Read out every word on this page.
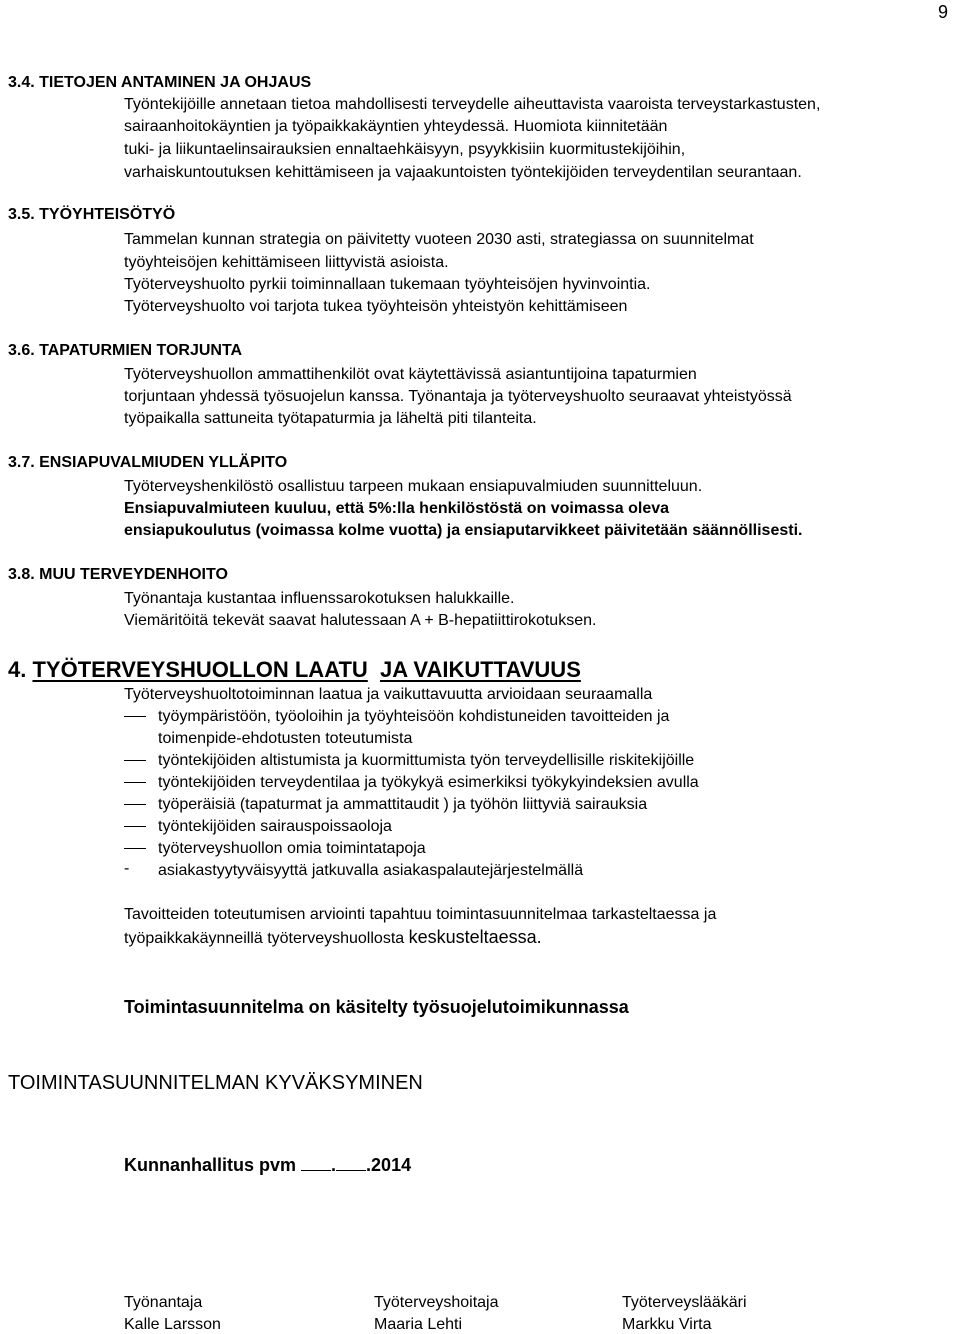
9
3.4. TIETOJEN ANTAMINEN JA OHJAUS
Työntekijöille annetaan tietoa mahdollisesti terveydelle aiheuttavista vaaroista terveystarkastusten,
sairaanhoitokäyntien ja työpaikkakäyntien yhteydessä. Huomiota kiinnitetään
tuki- ja liikuntaelinsairauksien ennaltaehkäisyyn, psyykkisiin kuormitustekijöihin,
varhaiskuntoutuksen kehittämiseen ja vajaakuntoisten työntekijöiden terveydentilan seurantaan.
3.5. TYÖYHTEISÖTYÖ
Tammelan kunnan strategia on päivitetty vuoteen 2030 asti, strategiassa on suunnitelmat
työyhteisöjen kehittämiseen liittyvistä asioista.
Työterveyshuolto pyrkii toiminnallaan tukemaan työyhteisöjen hyvinvointia.
Työterveyshuolto voi tarjota tukea työyhteisön yhteistyön kehittämiseen
3.6. TAPATURMIEN TORJUNTA
Työterveyshuollon ammattihenkilöt ovat käytettävissä asiantuntijoina tapaturmien
torjuntaan yhdessä työsuojelun kanssa. Työnantaja ja työterveyshuolto seuraavat yhteistyössä
työpaikalla sattuneita työtapaturmia ja läheltä piti tilanteita.
3.7. ENSIAPUVALMIUDEN YLLÄPITO
Työterveyshenkilöstö osallistuu tarpeen mukaan ensiapuvalmiuden suunnitteluun.
Ensiapuvalmiuteen kuuluu, että 5%:lla henkilöstöstä on voimassa oleva
ensiapukoulutus (voimassa kolme vuotta) ja ensiaputarvikkeet päivitetään säännöllisesti.
3.8. MUU TERVEYDENHOITO
Työnantaja kustantaa influenssarokotuksen halukkaille.
Viemäritöitä tekevät saavat halutessaan A + B-hepatiittirokotuksen.
4. TYÖTERVEYSHUOLLON LAATU JA VAIKUTTAVUUS
Työterveyshuoltotoiminnan laatua ja vaikuttavuutta arvioidaan seuraamalla
työympäristöön, työoloihin ja työyhteisöön kohdistuneiden tavoitteiden ja
toimenpide-ehdotusten toteutumista
työntekijöiden altistumista ja kuormittumista työn terveydellisille riskitekijöille
työntekijöiden terveydentilaa ja työkykyä esimerkiksi työkykyindeksien avulla
työperäisiä (tapaturmat ja ammattitaudit ) ja työhön liittyviä sairauksia
työntekijöiden sairauspoissaoloja
työterveyshuollon omia toimintatapoja
- asiakastyytyväisyyttä jatkuvalla asiakaspalautejärjestelmällä
Tavoitteiden toteutumisen arviointi tapahtuu toimintasuunnitelmaa tarkasteltaessa ja
työpaikkakäynneillä työterveyshuollosta keskusteltaessa.
Toimintasuunnitelma on käsitelty työsuojelutoimikunnassa
TOIMINTASUUNNITELMAN KYVÄKSYMINEN
Kunnanhallitus pvm . .2014
Työnantaja
Kalle Larsson
Työterveyshoitaja
Maaria Lehti
Työterveyslääkäri
Markku Virta
